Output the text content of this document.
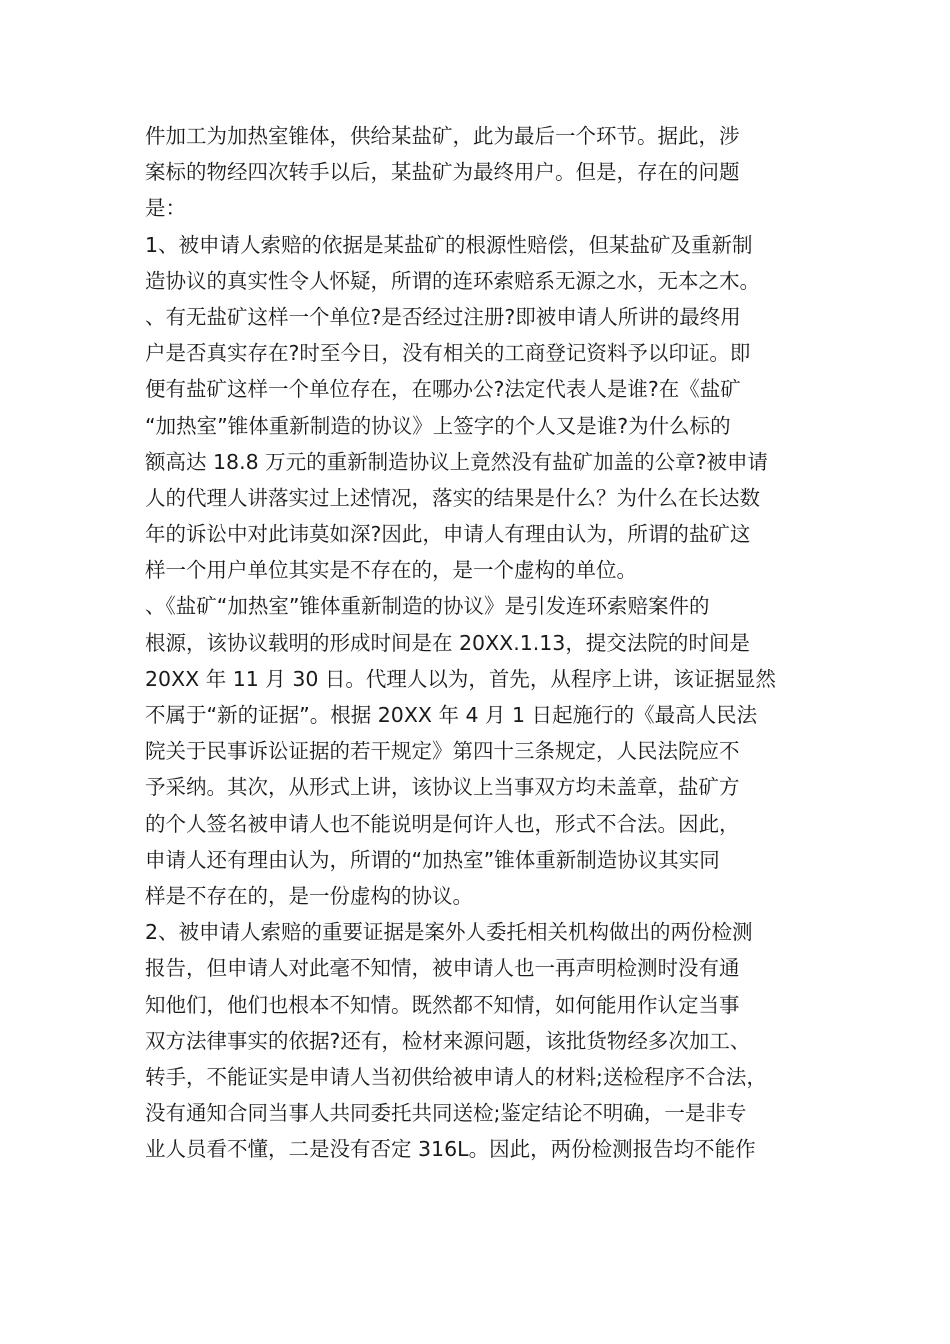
件加工为加热室锥体，供给某盐矿，此为最后一个环节。据此，涉
案标的物经四次转手以后，某盐矿为最终用户。但是，存在的问题
是：
1、被申请人索赔的依据是某盐矿的根源性赔偿，但某盐矿及重新制
造协议的真实性令人怀疑，所谓的连环索赔系无源之水，无本之木。
、有无盐矿这样一个单位?是否经过注册?即被申请人所讲的最终用
户是否真实存在?时至今日，没有相关的工商登记资料予以印证。即
便有盐矿这样一个单位存在，在哪办公?法定代表人是谁?在《盐矿
“加热室”锥体重新制造的协议》上签字的个人又是谁?为什么标的
额高达 18.8 万元的重新制造协议上竟然没有盐矿加盖的公章?被申请
人的代理人讲落实过上述情况，落实的结果是什么？为什么在长达数
年的诉讼中对此讳莫如深?因此，申请人有理由认为，所谓的盐矿这
样一个用户单位其实是不存在的，是一个虚构的单位。
、《盐矿“加热室”锥体重新制造的协议》是引发连环索赔案件的
根源，该协议载明的形成时间是在 20XX.1.13，提交法院的时间是
20XX 年 11 月 30 日。代理人以为，首先，从程序上讲，该证据显然
不属于“新的证据”。根据 20XX 年 4 月 1 日起施行的《最高人民法
院关于民事诉讼证据的若干规定》第四十三条规定，人民法院应不
予采纳。其次，从形式上讲，该协议上当事双方均未盖章，盐矿方
的个人签名被申请人也不能说明是何许人也，形式不合法。因此，
申请人还有理由认为，所谓的“加热室”锥体重新制造协议其实同
样是不存在的，是一份虚构的协议。
2、被申请人索赔的重要证据是案外人委托相关机构做出的两份检测
报告，但申请人对此毫不知情，被申请人也一再声明检测时没有通
知他们，他们也根本不知情。既然都不知情，如何能用作认定当事
双方法律事实的依据?还有，检材来源问题，该批货物经多次加工、
转手，不能证实是申请人当初供给被申请人的材料;送检程序不合法，
没有通知合同当事人共同委托共同送检;鉴定结论不明确，一是非专
业人员看不懂，二是没有否定 316L。因此，两份检测报告均不能作
